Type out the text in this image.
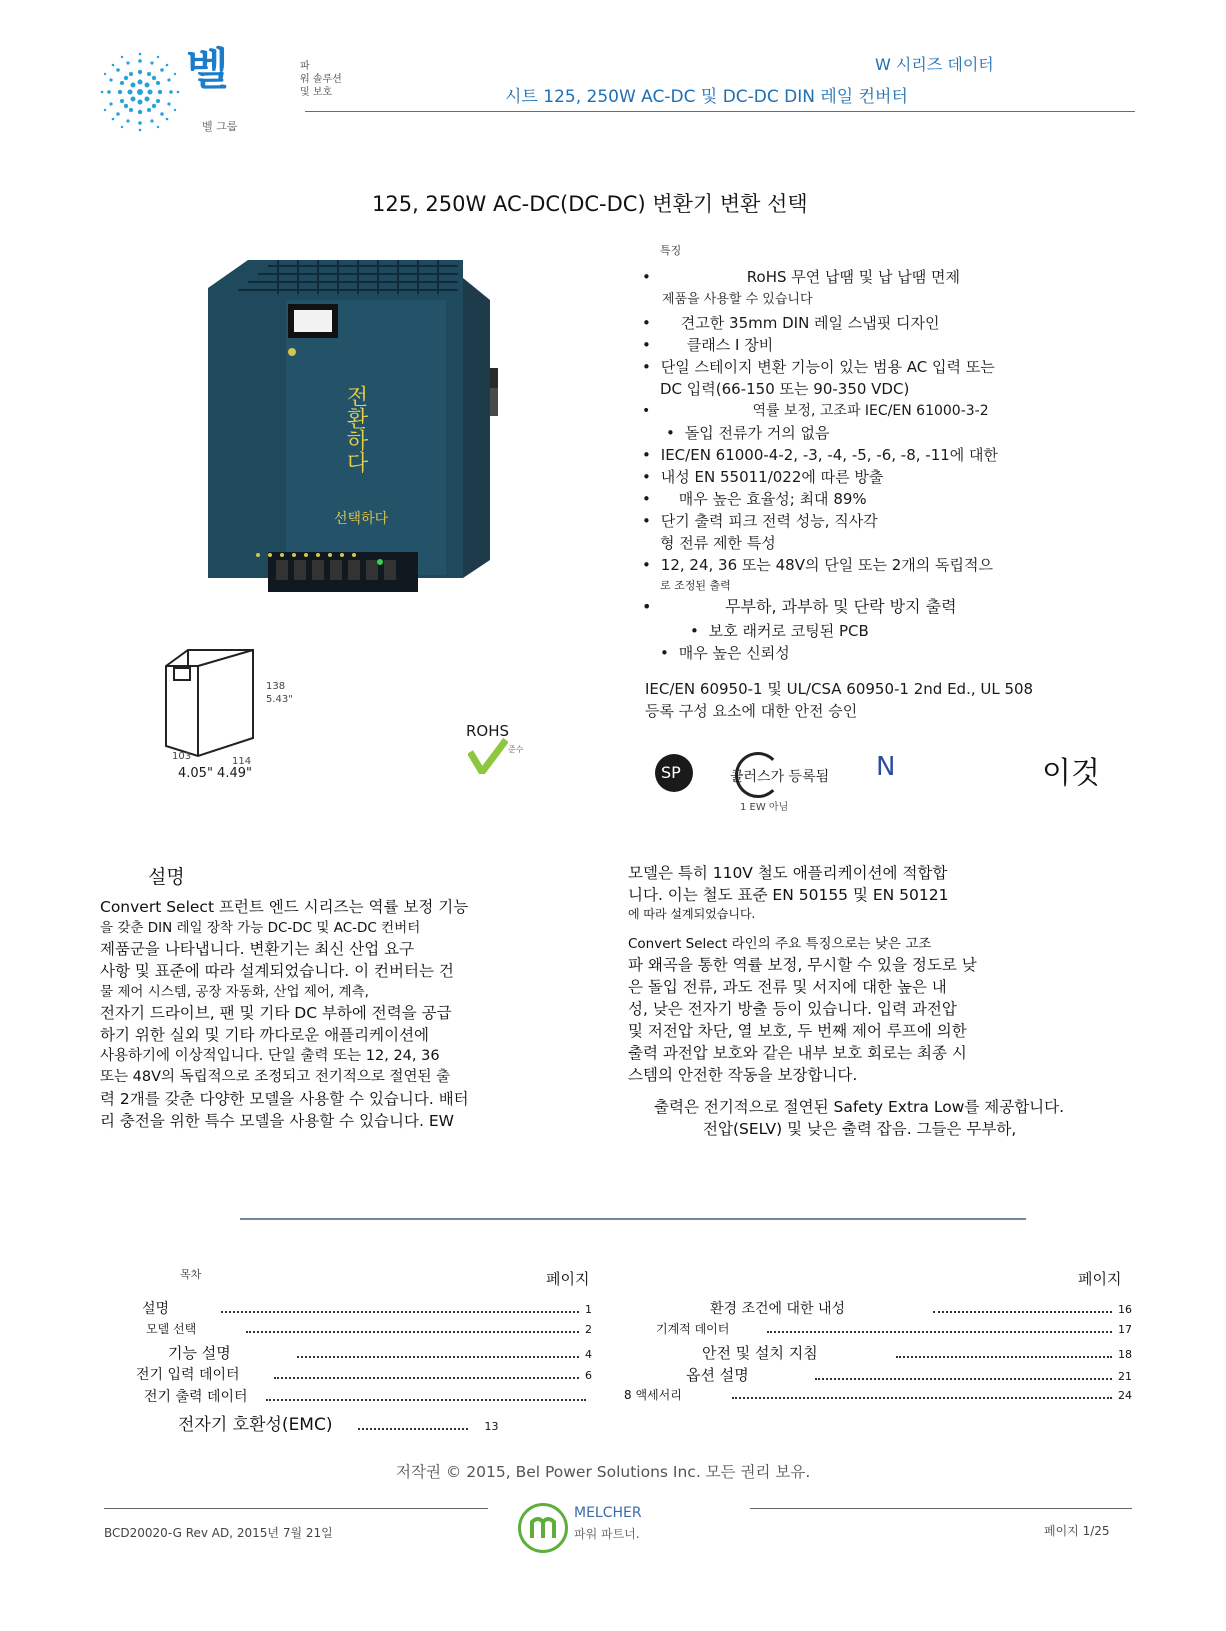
벨
벨 그룹
파
워 솔루션
및 보호
W 시리즈 데이터
시트 125, 250W AC-DC 및 DC-DC DIN 레일 컨버터
125, 250W AC-DC(DC-DC) 변환기 변환 선택
전환하다
선택하다
138
5.43"
103	114
4.05" 4.49"
ROHS
준수
특징
• RoHS 무연 납땜 및 납 납땜 면제
제품을 사용할 수 있습니다
• 견고한 35mm DIN 레일 스냅핏 디자인
• 클래스 I 장비
• 단일 스테이지 변환 기능이 있는 범용 AC 입력 또는
DC 입력(66-150 또는 90-350 VDC)
• 역률 보정, 고조파 IEC/EN 61000-3-2
• 돌입 전류가 거의 없음
• IEC/EN 61000-4-2, -3, -4, -5, -6, -8, -11에 대한
• 내성 EN 55011/022에 따른 방출
• 매우 높은 효율성; 최대 89%
• 단기 출력 피크 전력 성능, 직사각
형 전류 제한 특성
• 12, 24, 36 또는 48V의 단일 또는 2개의 독립적으
로 조정된 출력
• 무부하, 과부하 및 단락 방지 출력
• 보호 래커로 코팅된 PCB
• 매우 높은 신뢰성
IEC/EN 60950-1 및 UL/CSA 60950-1 2nd Ed., UL 508
등록 구성 요소에 대한 안전 승인
SP	클러스가 등록됨
1 EW 아님
N	이것
설명
Convert Select 프런트 엔드 시리즈는 역률 보정 기능
을 갖춘 DIN 레일 장착 가능 DC-DC 및 AC-DC 컨버터
제품군을 나타냅니다. 변환기는 최신 산업 요구
사항 및 표준에 따라 설계되었습니다. 이 컨버터는 건
물 제어 시스템, 공장 자동화, 산업 제어, 계측,
전자기 드라이브, 팬 및 기타 DC 부하에 전력을 공급
하기 위한 실외 및 기타 까다로운 애플리케이션에
사용하기에 이상적입니다. 단일 출력 또는 12, 24, 36
또는 48V의 독립적으로 조정되고 전기적으로 절연된 출
력 2개를 갖춘 다양한 모델을 사용할 수 있습니다. 배터
리 충전을 위한 특수 모델을 사용할 수 있습니다. EW
모델은 특히 110V 철도 애플리케이션에 적합합
니다. 이는 철도 표준 EN 50155 및 EN 50121
에 따라 설계되었습니다.
Convert Select 라인의 주요 특징으로는 낮은 고조
파 왜곡을 통한 역률 보정, 무시할 수 있을 정도로 낮
은 돌입 전류, 과도 전류 및 서지에 대한 높은 내
성, 낮은 전자기 방출 등이 있습니다. 입력 과전압
및 저전압 차단, 열 보호, 두 번째 제어 루프에 의한
출력 과전압 보호와 같은 내부 보호 회로는 최종 시
스템의 안전한 작동을 보장합니다.
출력은 전기적으로 절연된 Safety Extra Low를 제공합니다.
전압(SELV) 및 낮은 출력 잡음. 그들은 무부하,
목차	페이지	페이지
설명	1
모델 선택	2
기능 설명	4
전기 입력 데이터	6
전기 출력 데이터
전자기 호환성(EMC)	13
환경 조건에 대한 내성	16
기계적 데이터	17
안전 및 설치 지침	18
옵션 설명	21
8 액세서리	24
저작권 © 2015, Bel Power Solutions Inc. 모든 권리 보유.
BCD20020-G Rev AD, 2015년 7월 21일
MELCHER
파워 파트너.	페이지 1/25
